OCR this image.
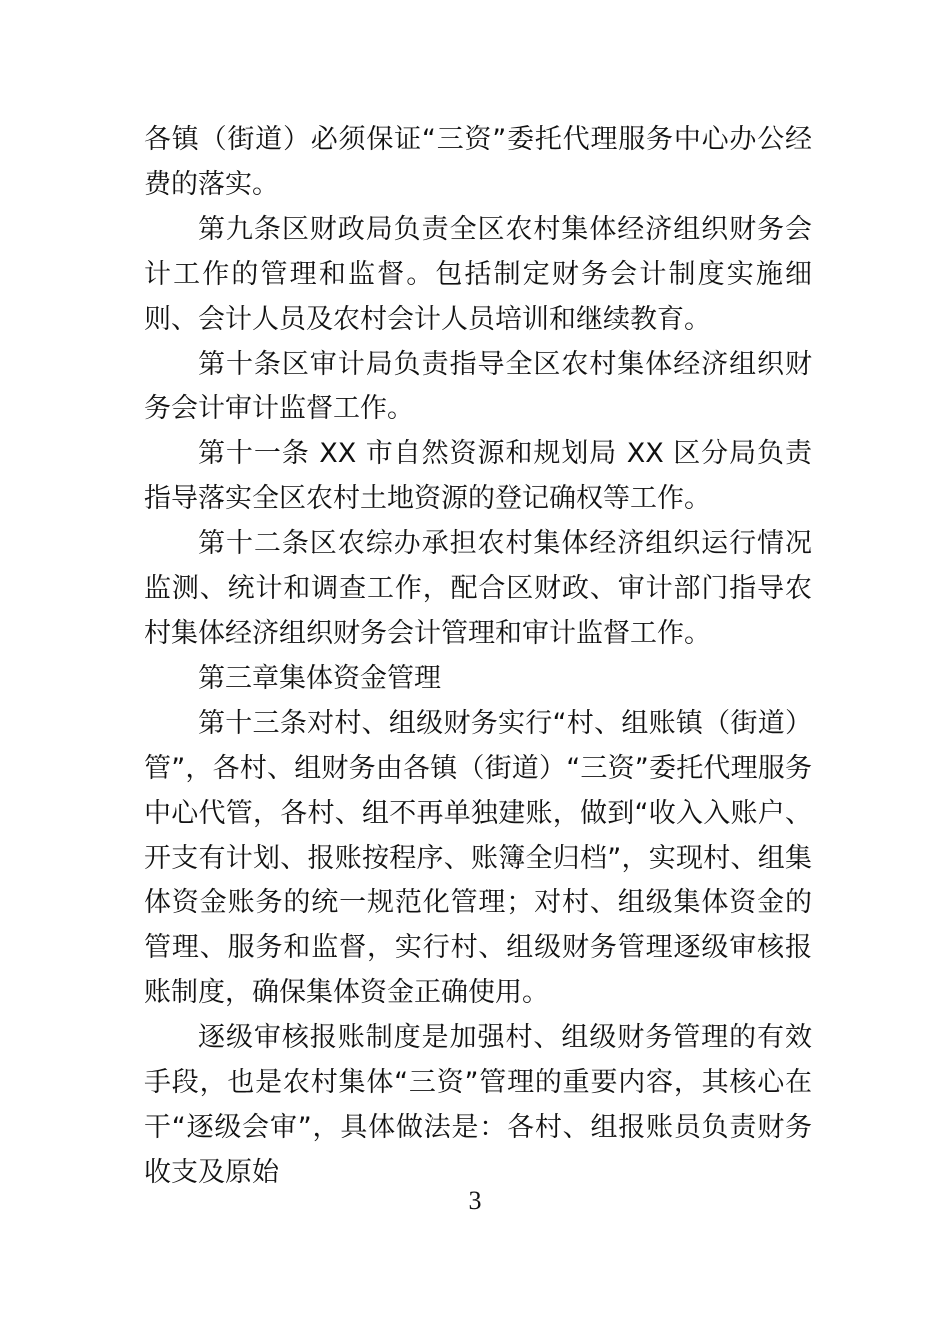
各镇（街道）必须保证“三资”委托代理服务中心办公经费的落实。

第九条区财政局负责全区农村集体经济组织财务会计工作的管理和监督。包括制定财务会计制度实施细则、会计人员及农村会计人员培训和继续教育。

第十条区审计局负责指导全区农村集体经济组织财务会计审计监督工作。

第十一条 XX 市自然资源和规划局 XX 区分局负责指导落实全区农村土地资源的登记确权等工作。

第十二条区农综办承担农村集体经济组织运行情况监测、统计和调查工作，配合区财政、审计部门指导农村集体经济组织财务会计管理和审计监督工作。

第三章集体资金管理

第十三条对村、组级财务实行“村、组账镇（街道）管”，各村、组财务由各镇（街道）“三资”委托代理服务中心代管，各村、组不再单独建账，做到“收入入账户、开支有计划、报账按程序、账簿全归档”，实现村、组集体资金账务的统一规范化管理；对村、组级集体资金的管理、服务和监督，实行村、组级财务管理逐级审核报账制度，确保集体资金正确使用。

逐级审核报账制度是加强村、组级财务管理的有效手段，也是农村集体“三资”管理的重要内容，其核心在干“逐级会审”，具体做法是：各村、组报账员负责财务收支及原始

3
